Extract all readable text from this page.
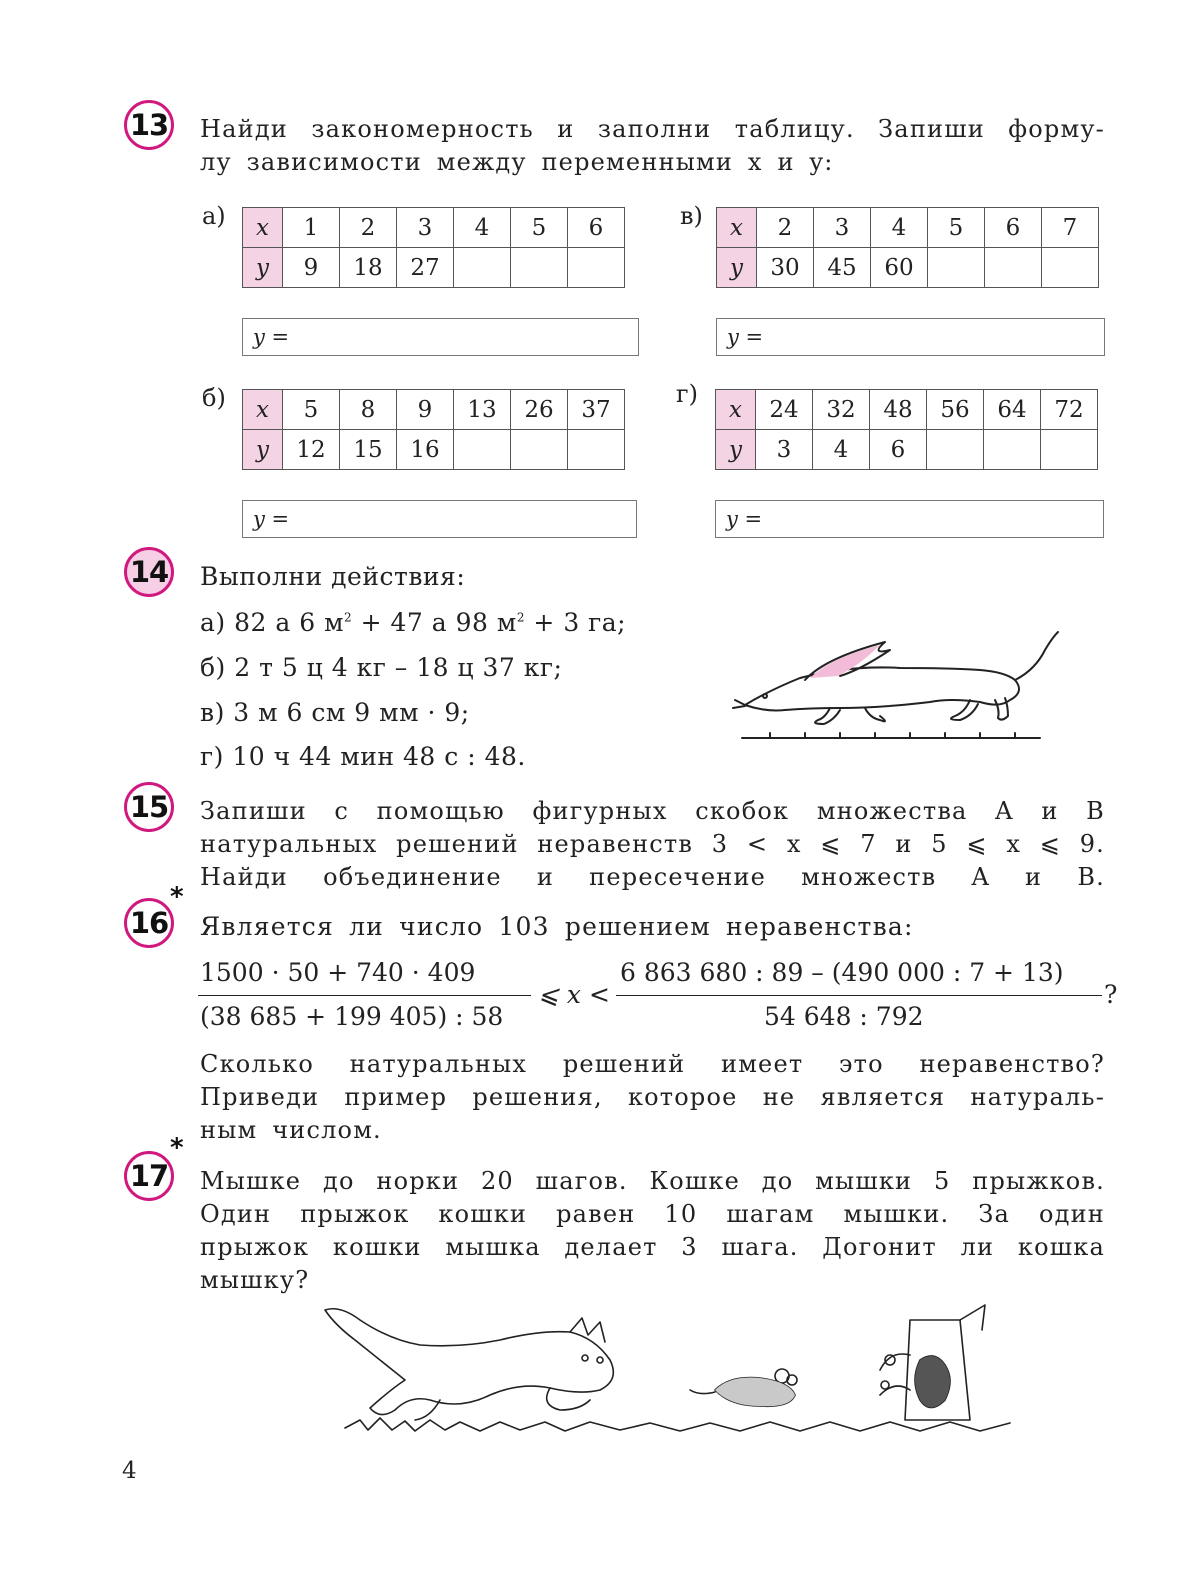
13 Найди закономерность и заполни таблицу. Запиши форму-
лу зависимости между переменными x и y:
а) x	1	2	3	4	5	6
y	9	18	27			
y =
в) x	2	3	4	5	6	7
y	30	45	60			
y =
б) x	5	8	9	13	26	37
y	12	15	16			
y =
г)
x	24	32	48	56	64	72
y	3	4	6			
y =
14 Выполни действия:
а) 82 а 6 $м^2 + 47$ а 98 $м^2 + 3$ га;
б) 2 т 5 ц 4 кг – 18 ц 37 кг;
в) 3 м 6 см 9 мм · 9;
г) 10 ч 44 мин 48 с : 48.
15 Запиши с помощью фигурных скобок множества A и B
натуральных решений неравенств 3 < x ⩽ 7 и 5 ⩽ x ⩽ 9.
Найди объединение и пересечение множеств A и B.
16
*
Является ли число 103 решением неравенства:
1500 · 50 + 740 · 409
(38 685 + 199 405) : 58
⩽ x <
6 863 680 : 89 – (490 000 : 7 + 13)
54 648 : 792
?
Сколько натуральных решений имеет это неравенство?
Приведи пример решения, которое не является натураль-
ным числом.
17
*
Мышке до норки 20 шагов. Кошке до мышки 5 прыжков.
Один прыжок кошки равен 10 шагам мышки. За один
прыжок кошки мышка делает 3 шага. Догонит ли кошка
мышку?
4
